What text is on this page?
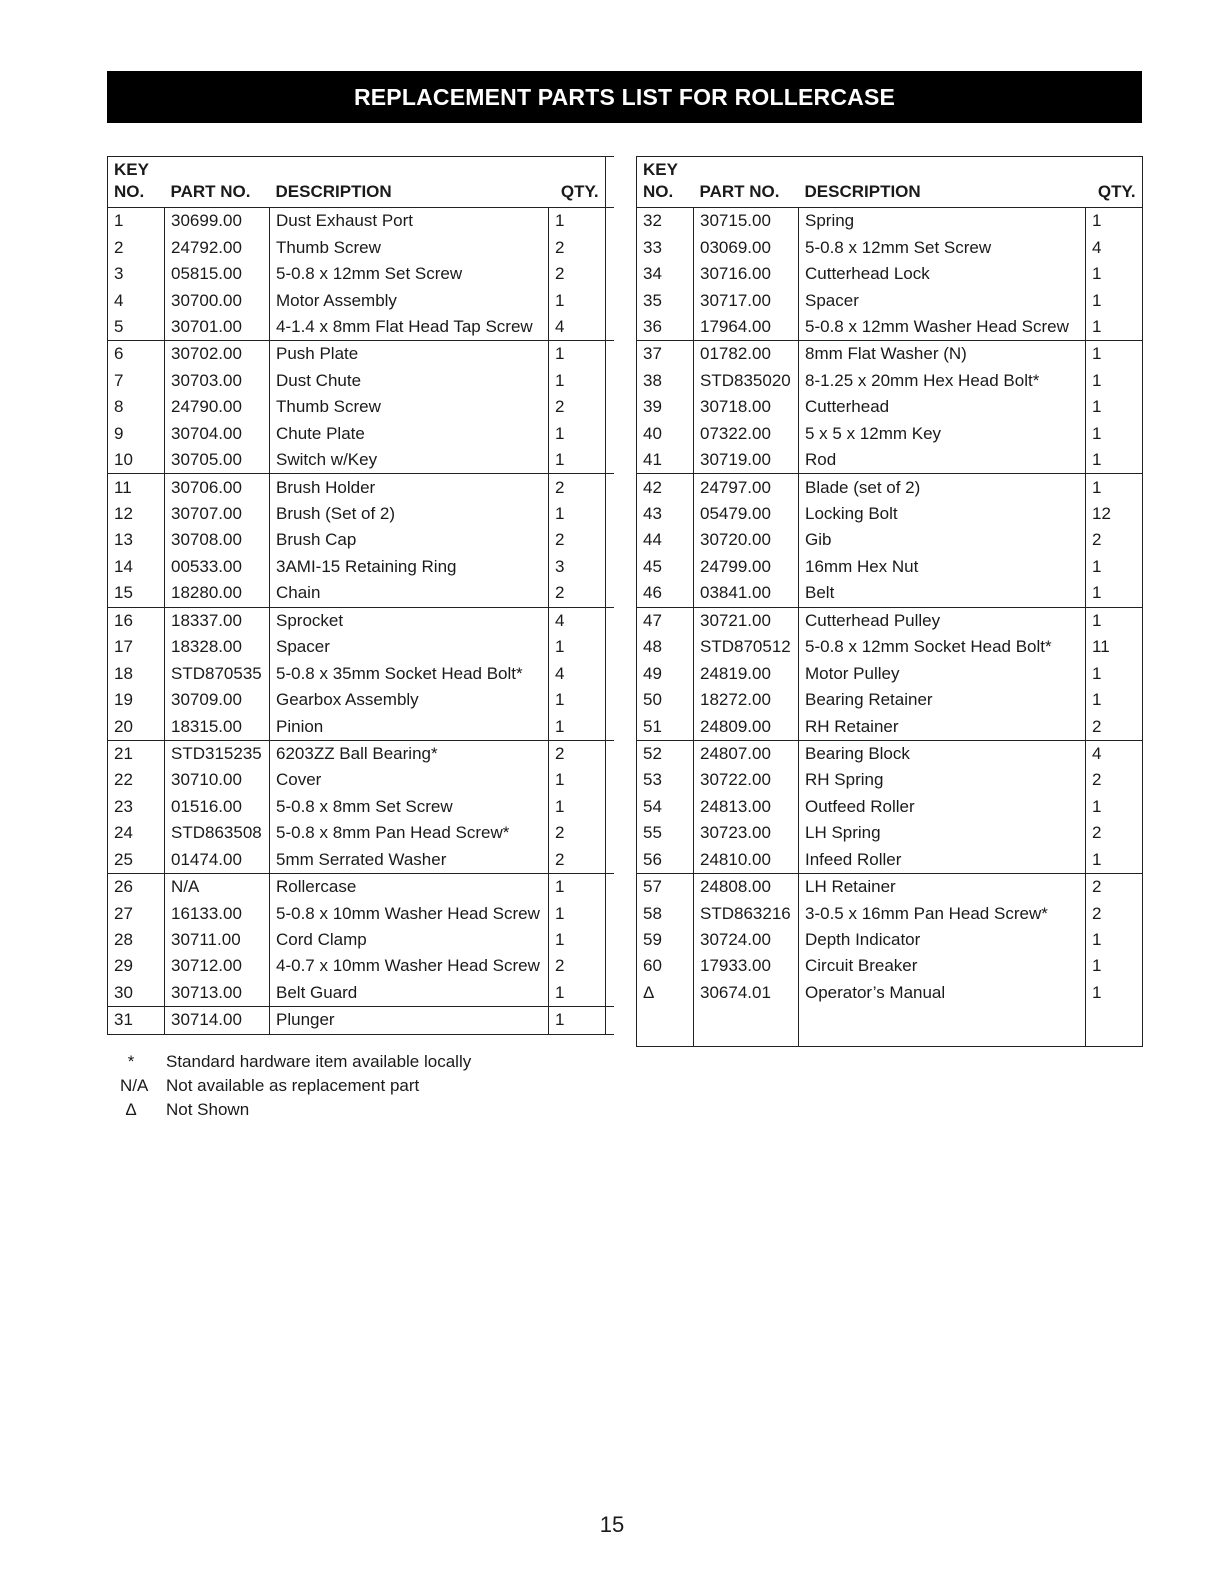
REPLACEMENT PARTS LIST FOR ROLLERCASE
KEY
NO.	PART NO.	DESCRIPTION	QTY.	
1	30699.00	Dust Exhaust Port	1	
2	24792.00	Thumb Screw	2	
3	05815.00	5-0.8 x 12mm Set Screw	2	
4	30700.00	Motor Assembly	1	
5	30701.00	4-1.4 x 8mm Flat Head Tap Screw	4	
6	30702.00	Push Plate	1	
7	30703.00	Dust Chute	1	
8	24790.00	Thumb Screw	2	
9	30704.00	Chute Plate	1	
10	30705.00	Switch w/Key	1	
11	30706.00	Brush Holder	2	
12	30707.00	Brush (Set of 2)	1	
13	30708.00	Brush Cap	2	
14	00533.00	3AMI-15 Retaining Ring	3	
15	18280.00	Chain	2	
16	18337.00	Sprocket	4	
17	18328.00	Spacer	1	
18	STD870535	5-0.8 x 35mm Socket Head Bolt*	4	
19	30709.00	Gearbox Assembly	1	
20	18315.00	Pinion	1	
21	STD315235	6203ZZ Ball Bearing*	2	
22	30710.00	Cover	1	
23	01516.00	5-0.8 x 8mm Set Screw	1	
24	STD863508	5-0.8 x 8mm Pan Head Screw*	2	
25	01474.00	5mm Serrated Washer	2	
26	N/A	Rollercase	1	
27	16133.00	5-0.8 x 10mm Washer Head Screw	1	
28	30711.00	Cord Clamp	1	
29	30712.00	4-0.7 x 10mm Washer Head Screw	2	
30	30713.00	Belt Guard	1	
31	30714.00	Plunger	1	
KEY
NO.	PART NO.	DESCRIPTION	QTY.
32	30715.00	Spring	1
33	03069.00	5-0.8 x 12mm Set Screw	4
34	30716.00	Cutterhead Lock	1
35	30717.00	Spacer	1
36	17964.00	5-0.8 x 12mm Washer Head Screw	1
37	01782.00	8mm Flat Washer (N)	1
38	STD835020	8-1.25 x 20mm Hex Head Bolt*	1
39	30718.00	Cutterhead	1
40	07322.00	5 x 5 x 12mm Key	1
41	30719.00	Rod	1
42	24797.00	Blade (set of 2)	1
43	05479.00	Locking Bolt	12
44	30720.00	Gib	2
45	24799.00	16mm Hex Nut	1
46	03841.00	Belt	1
47	30721.00	Cutterhead Pulley	1
48	STD870512	5-0.8 x 12mm Socket Head Bolt*	11
49	24819.00	Motor Pulley	1
50	18272.00	Bearing Retainer	1
51	24809.00	RH Retainer	2
52	24807.00	Bearing Block	4
53	30722.00	RH Spring	2
54	24813.00	Outfeed Roller	1
55	30723.00	LH Spring	2
56	24810.00	Infeed Roller	1
57	24808.00	LH Retainer	2
58	STD863216	3-0.5 x 16mm Pan Head Screw*	2
59	30724.00	Depth Indicator	1
60	17933.00	Circuit Breaker	1
Δ	30674.01	Operator’s Manual	1

*	Standard hardware item available locally
N/A	Not available as replacement part
Δ	Not Shown
15
